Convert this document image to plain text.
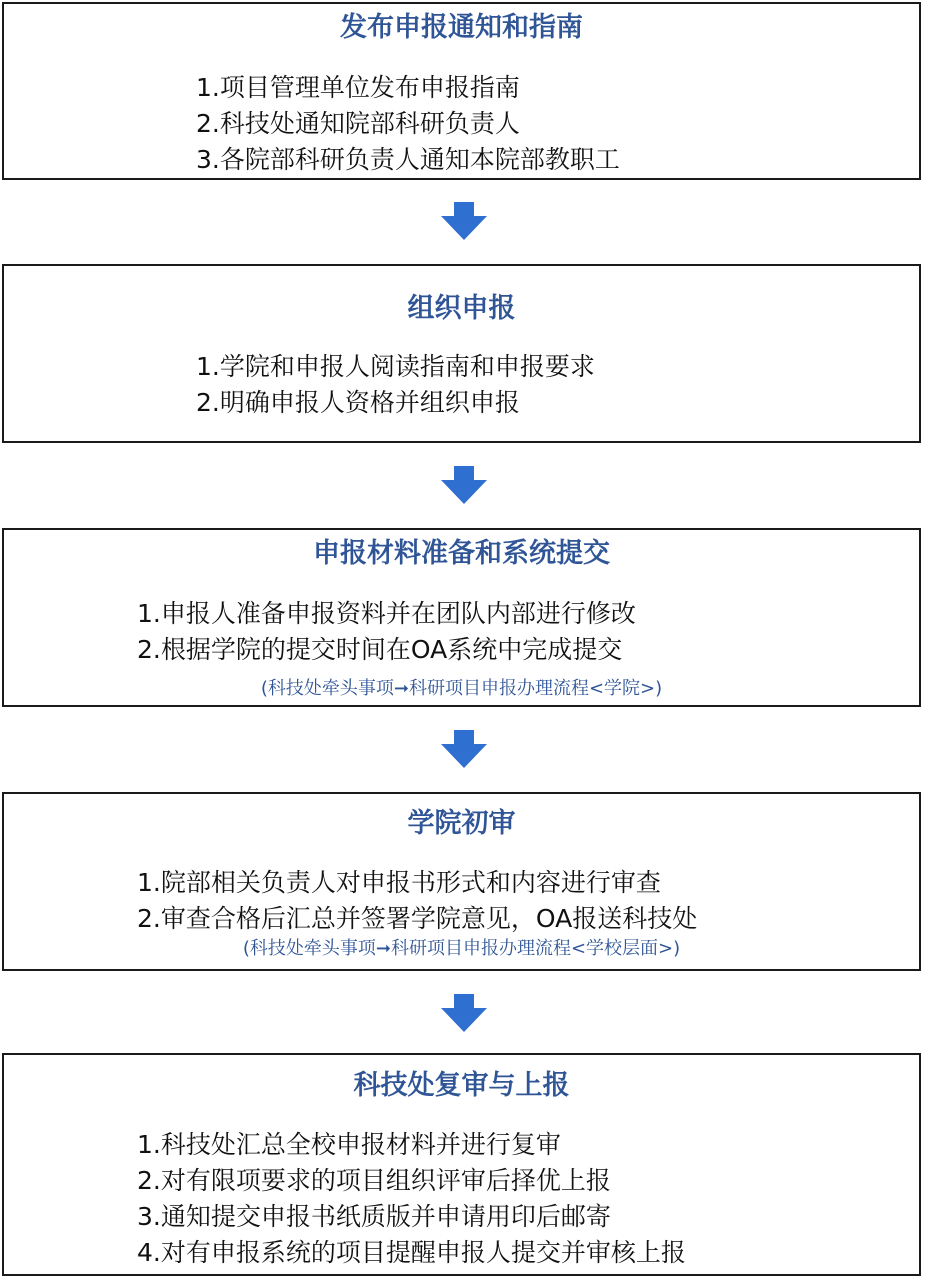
发布申报通知和指南
1.项目管理单位发布申报指南
2.科技处通知院部科研负责人
3.各院部科研负责人通知本院部教职工
组织申报
1.学院和申报人阅读指南和申报要求
2.明确申报人资格并组织申报
申报材料准备和系统提交
1.申报人准备申报资料并在团队内部进行修改
2.根据学院的提交时间在OA系统中完成提交
(科技处牵头事项➞科研项目申报办理流程<学院>)
学院初审
1.院部相关负责人对申报书形式和内容进行审查
2.审查合格后汇总并签署学院意见，OA报送科技处
(科技处牵头事项➞科研项目申报办理流程<学校层面>)
科技处复审与上报
1.科技处汇总全校申报材料并进行复审
2.对有限项要求的项目组织评审后择优上报
3.通知提交申报书纸质版并申请用印后邮寄
4.对有申报系统的项目提醒申报人提交并审核上报
